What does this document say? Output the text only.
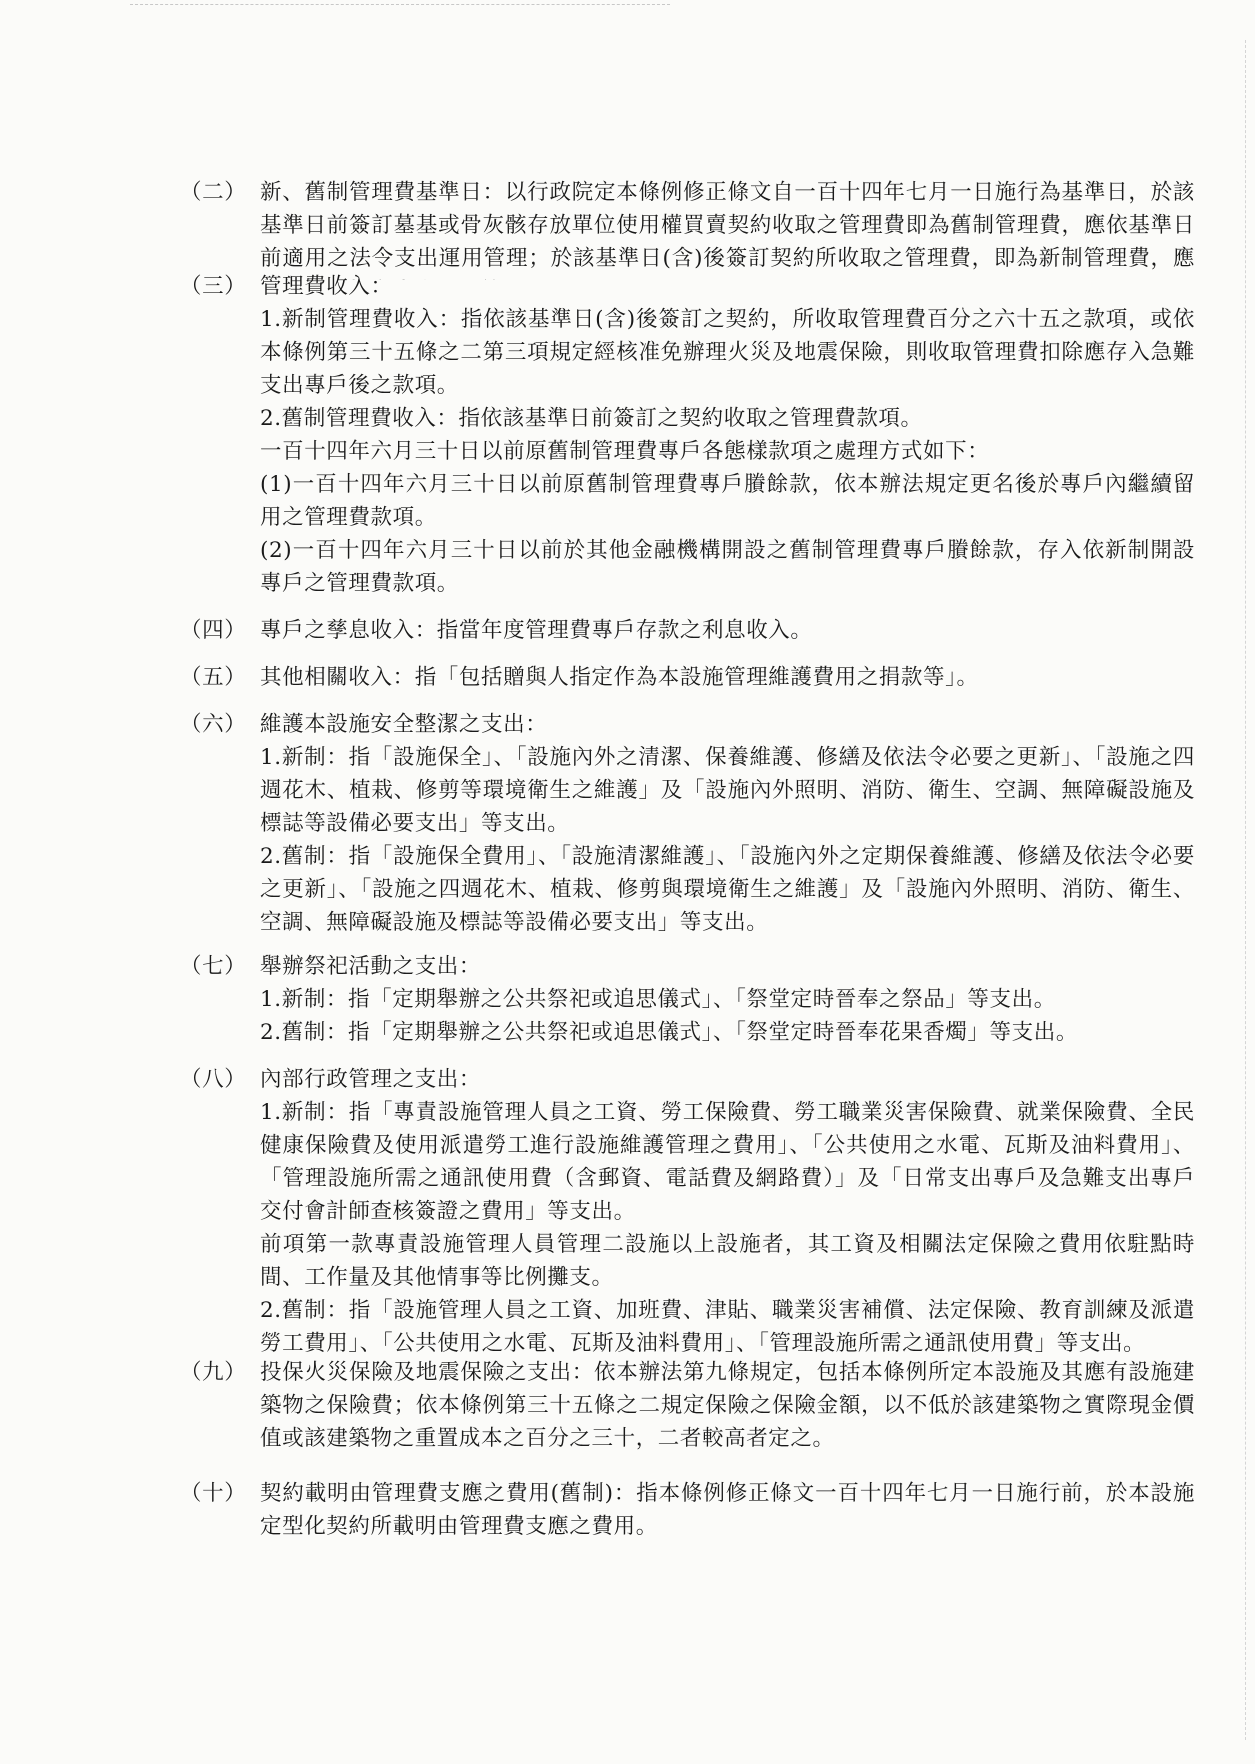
（二） 新、舊制管理費基準日：以行政院定本條例修正條文自一百十四年七月一日施行為基準日，於該基準日前簽訂墓基或骨灰骸存放單位使用權買賣契約收取之管理費即為舊制管理費，應依基準日前適用之法令支出運用管理；於該基準日(含)後簽訂契約所收取之管理費，即為新制管理費，應

（三） 管理費收入：

1.新制管理費收入：指依該基準日(含)後簽訂之契約，所收取管理費百分之六十五之款項，或依本條例第三十五條之二第三項規定經核准免辦理火災及地震保險，則收取管理費扣除應存入急難支出專戶後之款項。

2.舊制管理費收入：指依該基準日前簽訂之契約收取之管理費款項。

一百十四年六月三十日以前原舊制管理費專戶各態樣款項之處理方式如下：

(1)一百十四年六月三十日以前原舊制管理費專戶賸餘款，依本辦法規定更名後於專戶內繼續留用之管理費款項。

(2)一百十四年六月三十日以前於其他金融機構開設之舊制管理費專戶賸餘款，存入依新制開設專戶之管理費款項。

（四） 專戶之孳息收入：指當年度管理費專戶存款之利息收入。

（五） 其他相關收入：指「包括贈與人指定作為本設施管理維護費用之捐款等」。

（六） 維護本設施安全整潔之支出：

1.新制：指「設施保全」、「設施內外之清潔、保養維護、修繕及依法令必要之更新」、「設施之四週花木、植栽、修剪等環境衛生之維護」及「設施內外照明、消防、衛生、空調、無障礙設施及標誌等設備必要支出」等支出。

2.舊制：指「設施保全費用」、「設施清潔維護」、「設施內外之定期保養維護、修繕及依法令必要之更新」、「設施之四週花木、植栽、修剪與環境衛生之維護」及「設施內外照明、消防、衛生、空調、無障礙設施及標誌等設備必要支出」等支出。

（七） 舉辦祭祀活動之支出：

1.新制：指「定期舉辦之公共祭祀或追思儀式」、「祭堂定時晉奉之祭品」等支出。

2.舊制：指「定期舉辦之公共祭祀或追思儀式」、「祭堂定時晉奉花果香燭」等支出。

（八） 內部行政管理之支出：

1.新制：指「專責設施管理人員之工資、勞工保險費、勞工職業災害保險費、就業保險費、全民健康保險費及使用派遣勞工進行設施維護管理之費用」、「公共使用之水電、瓦斯及油料費用」、「管理設施所需之通訊使用費（含郵資、電話費及網路費）」及「日常支出專戶及急難支出專戶交付會計師查核簽證之費用」等支出。

前項第一款專責設施管理人員管理二設施以上設施者，其工資及相關法定保險之費用依駐點時間、工作量及其他情事等比例攤支。

2.舊制：指「設施管理人員之工資、加班費、津貼、職業災害補償、法定保險、教育訓練及派遣勞工費用」、「公共使用之水電、瓦斯及油料費用」、「管理設施所需之通訊使用費」等支出。

（九） 投保火災保險及地震保險之支出：依本辦法第九條規定，包括本條例所定本設施及其應有設施建築物之保險費；依本條例第三十五條之二規定保險之保險金額，以不低於該建築物之實際現金價值或該建築物之重置成本之百分之三十，二者較高者定之。

（十） 契約載明由管理費支應之費用(舊制)：指本條例修正條文一百十四年七月一日施行前，於本設施定型化契約所載明由管理費支應之費用。
